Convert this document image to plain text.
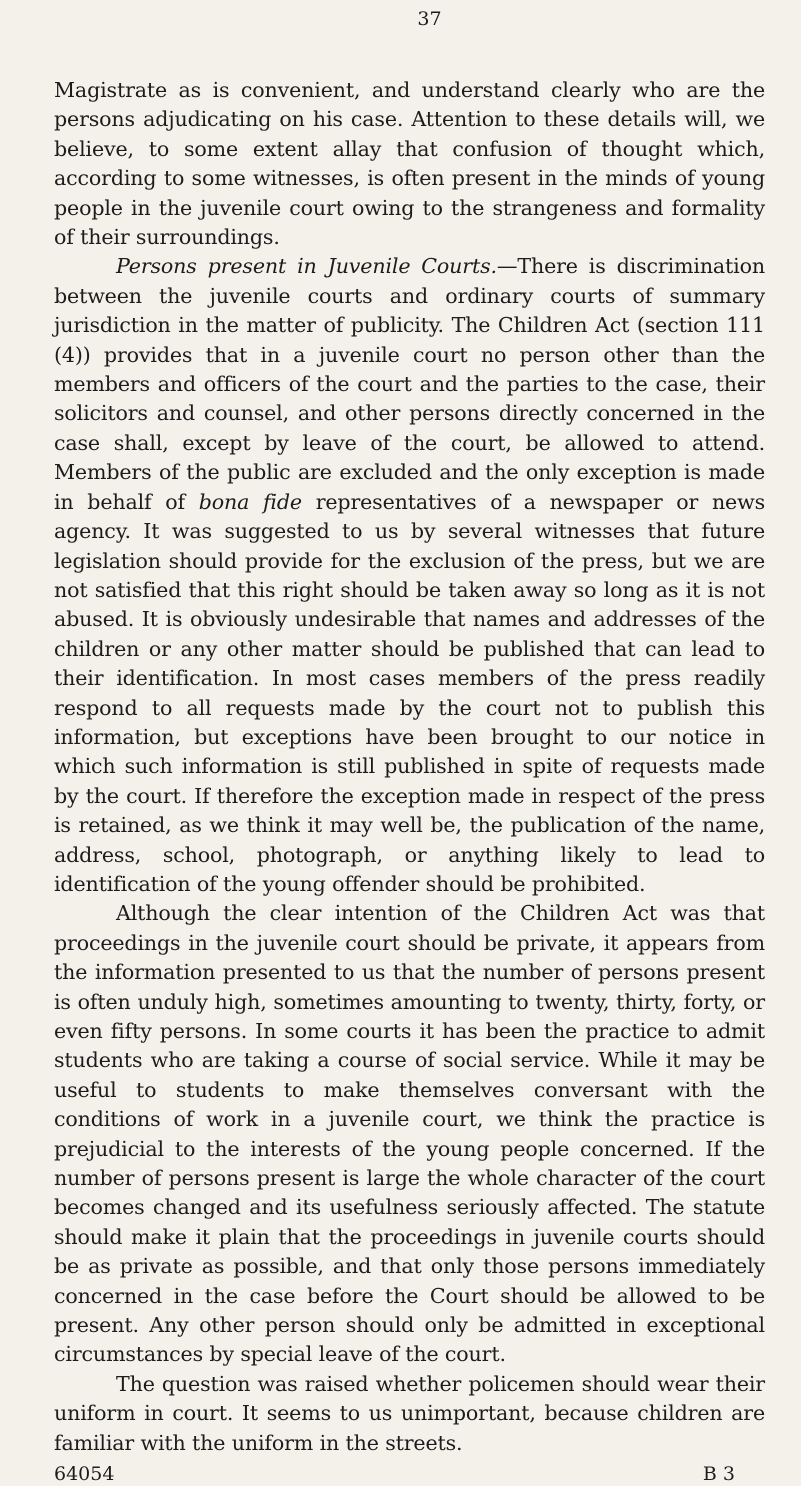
37

Magistrate as is convenient, and understand clearly who are the persons adjudicating on his case. Attention to these details will, we believe, to some extent allay that confusion of thought which, according to some witnesses, is often present in the minds of young people in the juvenile court owing to the strangeness and formality of their surroundings.

Persons present in Juvenile Courts.—There is discrimination between the juvenile courts and ordinary courts of summary jurisdiction in the matter of publicity. The Children Act (section 111 (4)) provides that in a juvenile court no person other than the members and officers of the court and the parties to the case, their solicitors and counsel, and other persons directly concerned in the case shall, except by leave of the court, be allowed to attend. Members of the public are excluded and the only exception is made in behalf of bona fide representatives of a newspaper or news agency. It was suggested to us by several witnesses that future legislation should provide for the exclusion of the press, but we are not satisfied that this right should be taken away so long as it is not abused. It is obviously undesirable that names and addresses of the children or any other matter should be published that can lead to their identification. In most cases members of the press readily respond to all requests made by the court not to publish this information, but exceptions have been brought to our notice in which such information is still published in spite of requests made by the court. If therefore the exception made in respect of the press is retained, as we think it may well be, the publication of the name, address, school, photograph, or anything likely to lead to identification of the young offender should be prohibited.

Although the clear intention of the Children Act was that proceedings in the juvenile court should be private, it appears from the information presented to us that the number of persons present is often unduly high, sometimes amounting to twenty, thirty, forty, or even fifty persons. In some courts it has been the practice to admit students who are taking a course of social service. While it may be useful to students to make themselves conversant with the conditions of work in a juvenile court, we think the practice is prejudicial to the interests of the young people concerned. If the number of persons present is large the whole character of the court becomes changed and its usefulness seriously affected. The statute should make it plain that the proceedings in juvenile courts should be as private as possible, and that only those persons immediately concerned in the case before the Court should be allowed to be present. Any other person should only be admitted in exceptional circumstances by special leave of the court.

The question was raised whether policemen should wear their uniform in court. It seems to us unimportant, because children are familiar with the uniform in the streets.

64054	B 3
